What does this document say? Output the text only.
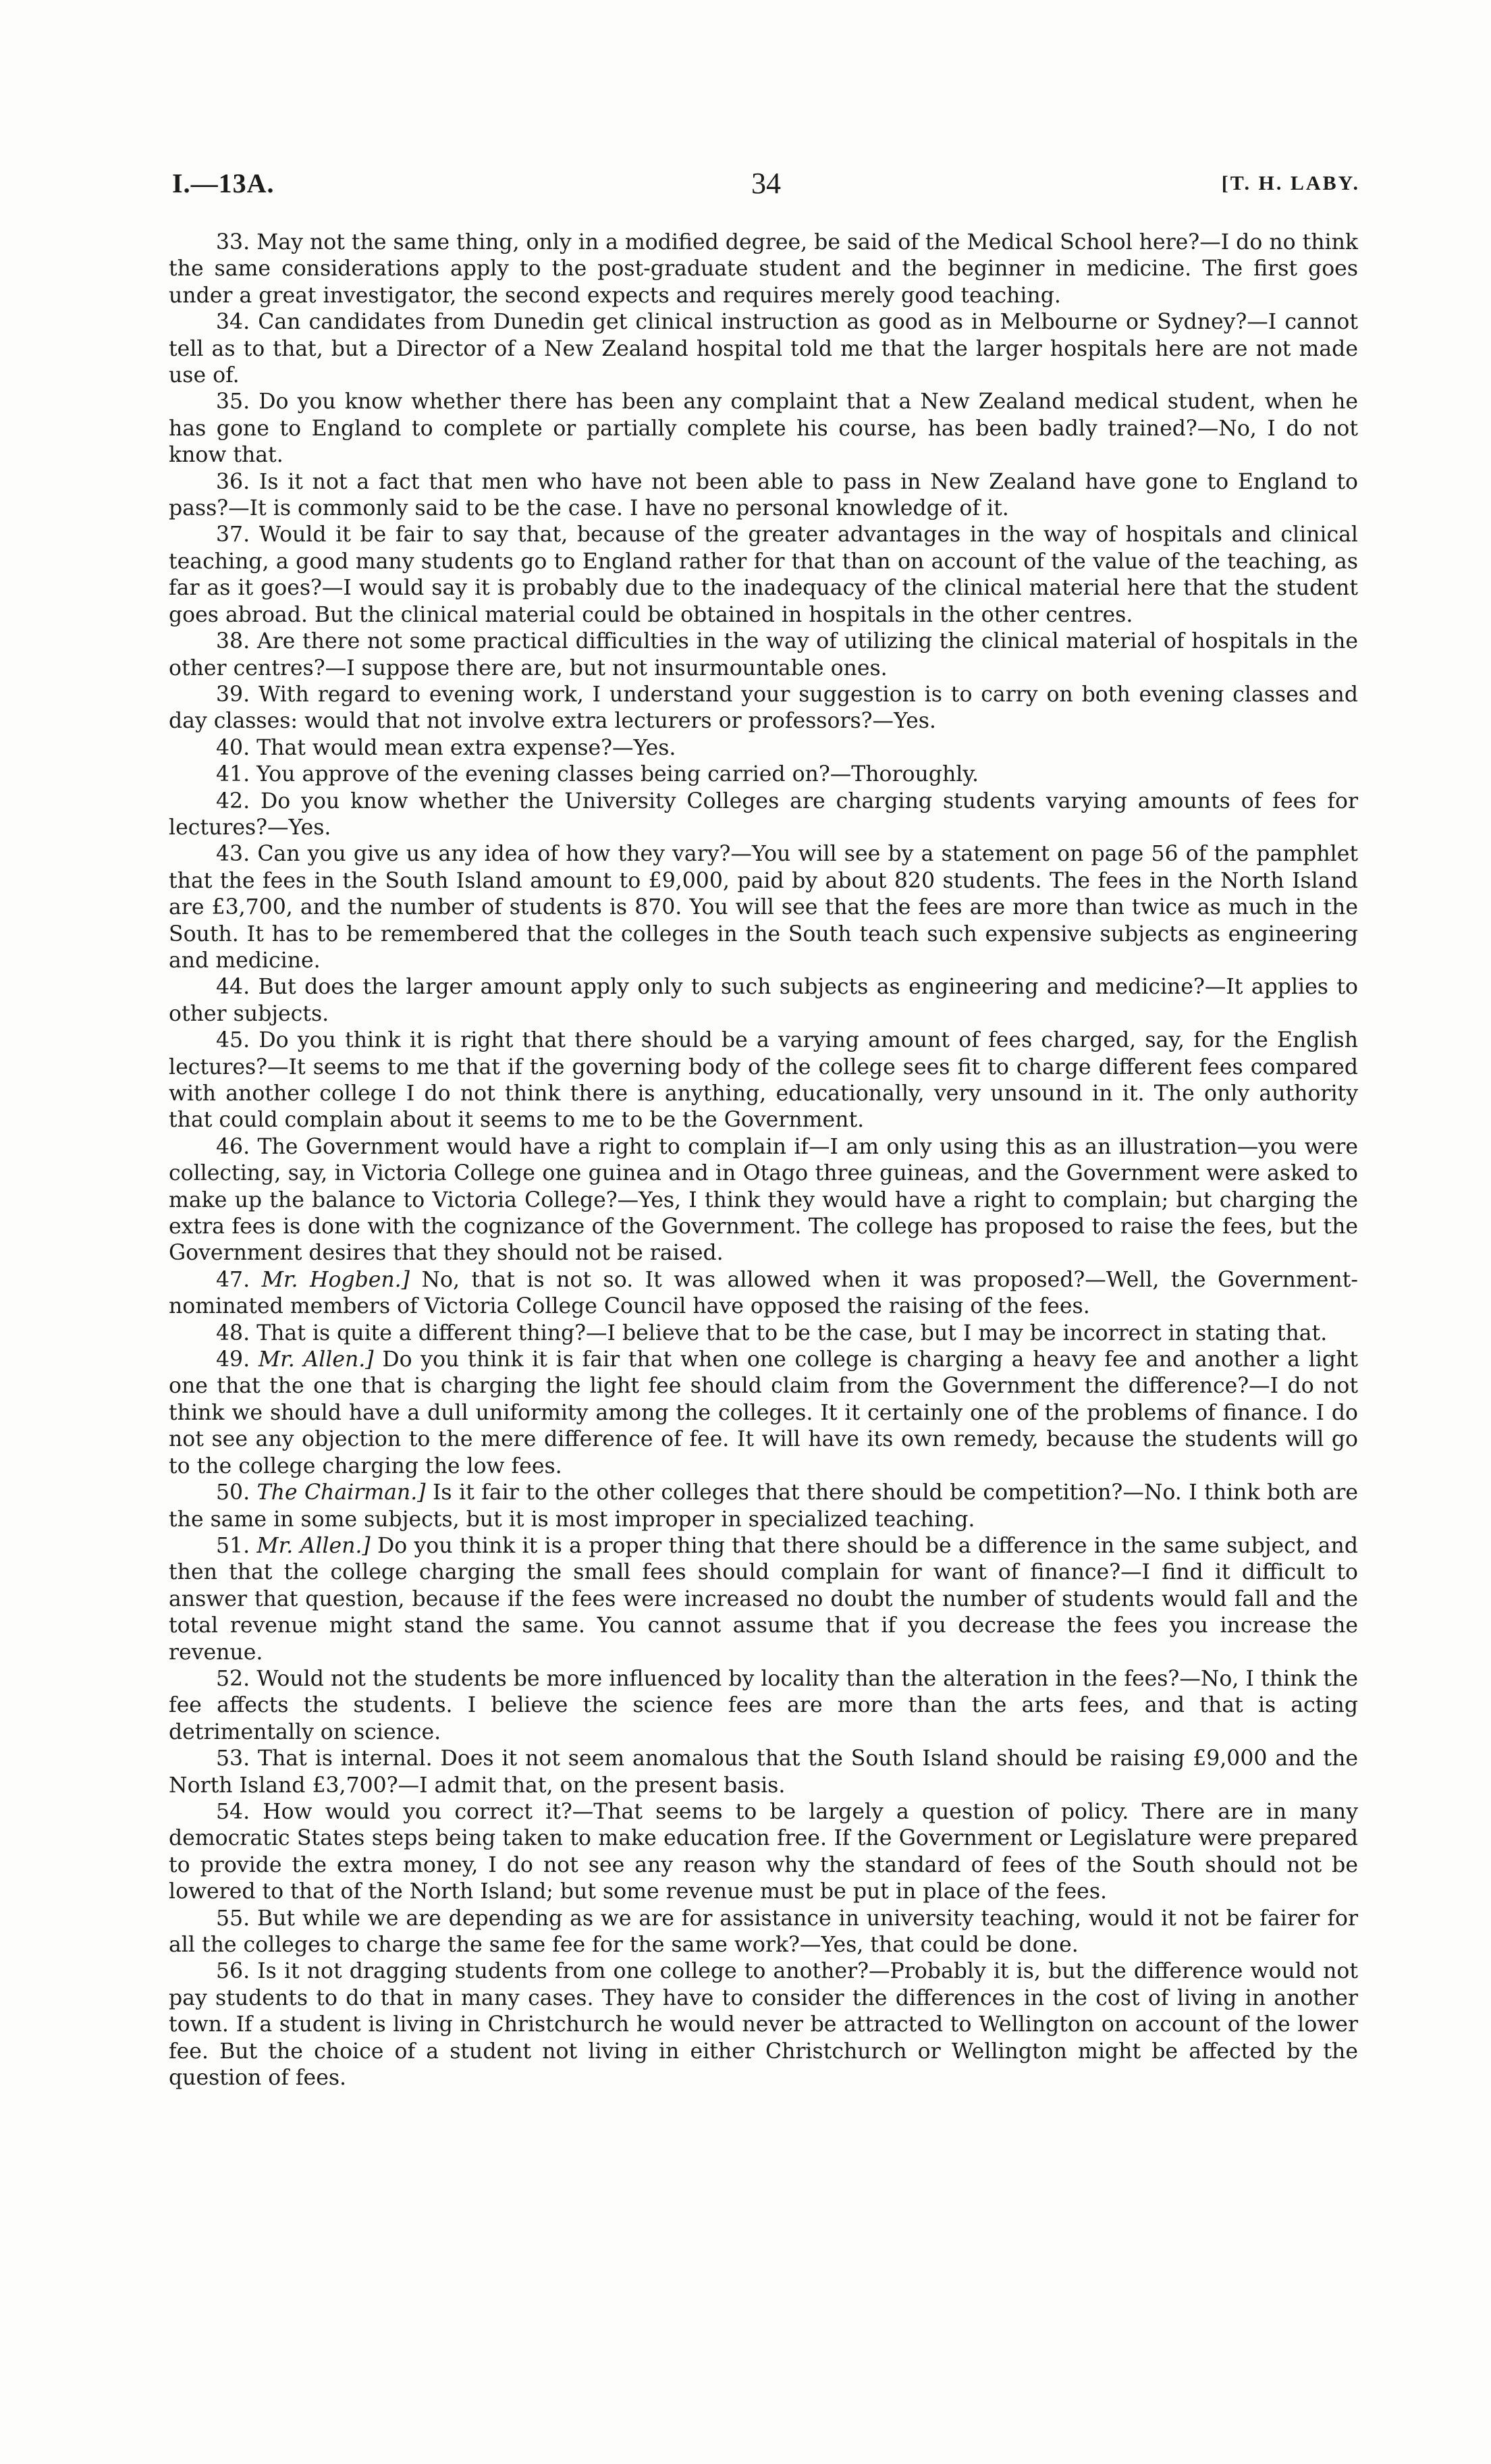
I.—13A.	34	[T. H. LABY.

33. May not the same thing, only in a modified degree, be said of the Medical School here?—I do no think the same considerations apply to the post-graduate student and the beginner in medicine. The first goes under a great investigator, the second expects and requires merely good teaching.

34. Can candidates from Dunedin get clinical instruction as good as in Melbourne or Sydney?—I cannot tell as to that, but a Director of a New Zealand hospital told me that the larger hospitals here are not made use of.

35. Do you know whether there has been any complaint that a New Zealand medical student, when he has gone to England to complete or partially complete his course, has been badly trained?—No, I do not know that.

36. Is it not a fact that men who have not been able to pass in New Zealand have gone to England to pass?—It is commonly said to be the case. I have no personal knowledge of it.

37. Would it be fair to say that, because of the greater advantages in the way of hospitals and clinical teaching, a good many students go to England rather for that than on account of the value of the teaching, as far as it goes?—I would say it is probably due to the inadequacy of the clinical material here that the student goes abroad. But the clinical material could be obtained in hospitals in the other centres.

38. Are there not some practical difficulties in the way of utilizing the clinical material of hospitals in the other centres?—I suppose there are, but not insurmountable ones.

39. With regard to evening work, I understand your suggestion is to carry on both evening classes and day classes: would that not involve extra lecturers or professors?—Yes.

40. That would mean extra expense?—Yes.

41. You approve of the evening classes being carried on?—Thoroughly.

42. Do you know whether the University Colleges are charging students varying amounts of fees for lectures?—Yes.

43. Can you give us any idea of how they vary?—You will see by a statement on page 56 of the pamphlet that the fees in the South Island amount to £9,000, paid by about 820 students. The fees in the North Island are £3,700, and the number of students is 870. You will see that the fees are more than twice as much in the South. It has to be remembered that the colleges in the South teach such expensive subjects as engineering and medicine.

44. But does the larger amount apply only to such subjects as engineering and medicine?—It applies to other subjects.

45. Do you think it is right that there should be a varying amount of fees charged, say, for the English lectures?—It seems to me that if the governing body of the college sees fit to charge different fees compared with another college I do not think there is anything, educationally, very unsound in it. The only authority that could complain about it seems to me to be the Government.

46. The Government would have a right to complain if—I am only using this as an illustration—you were collecting, say, in Victoria College one guinea and in Otago three guineas, and the Government were asked to make up the balance to Victoria College?—Yes, I think they would have a right to complain; but charging the extra fees is done with the cognizance of the Government. The college has proposed to raise the fees, but the Government desires that they should not be raised.

47. Mr. Hogben.] No, that is not so. It was allowed when it was proposed?—Well, the Government-nominated members of Victoria College Council have opposed the raising of the fees.

48. That is quite a different thing?—I believe that to be the case, but I may be incorrect in stating that.

49. Mr. Allen.] Do you think it is fair that when one college is charging a heavy fee and another a light one that the one that is charging the light fee should claim from the Government the difference?—I do not think we should have a dull uniformity among the colleges. It it certainly one of the problems of finance. I do not see any objection to the mere difference of fee. It will have its own remedy, because the students will go to the college charging the low fees.

50. The Chairman.] Is it fair to the other colleges that there should be competition?—No. I think both are the same in some subjects, but it is most improper in specialized teaching.

51. Mr. Allen.] Do you think it is a proper thing that there should be a difference in the same subject, and then that the college charging the small fees should complain for want of finance?—I find it difficult to answer that question, because if the fees were increased no doubt the number of students would fall and the total revenue might stand the same. You cannot assume that if you decrease the fees you increase the revenue.

52. Would not the students be more influenced by locality than the alteration in the fees?—No, I think the fee affects the students. I believe the science fees are more than the arts fees, and that is acting detrimentally on science.

53. That is internal. Does it not seem anomalous that the South Island should be raising £9,000 and the North Island £3,700?—I admit that, on the present basis.

54. How would you correct it?—That seems to be largely a question of policy. There are in many democratic States steps being taken to make education free. If the Government or Legislature were prepared to provide the extra money, I do not see any reason why the standard of fees of the South should not be lowered to that of the North Island; but some revenue must be put in place of the fees.

55. But while we are depending as we are for assistance in university teaching, would it not be fairer for all the colleges to charge the same fee for the same work?—Yes, that could be done.

56. Is it not dragging students from one college to another?—Probably it is, but the difference would not pay students to do that in many cases. They have to consider the differences in the cost of living in another town. If a student is living in Christchurch he would never be attracted to Wellington on account of the lower fee. But the choice of a student not living in either Christchurch or Wellington might be affected by the question of fees.
